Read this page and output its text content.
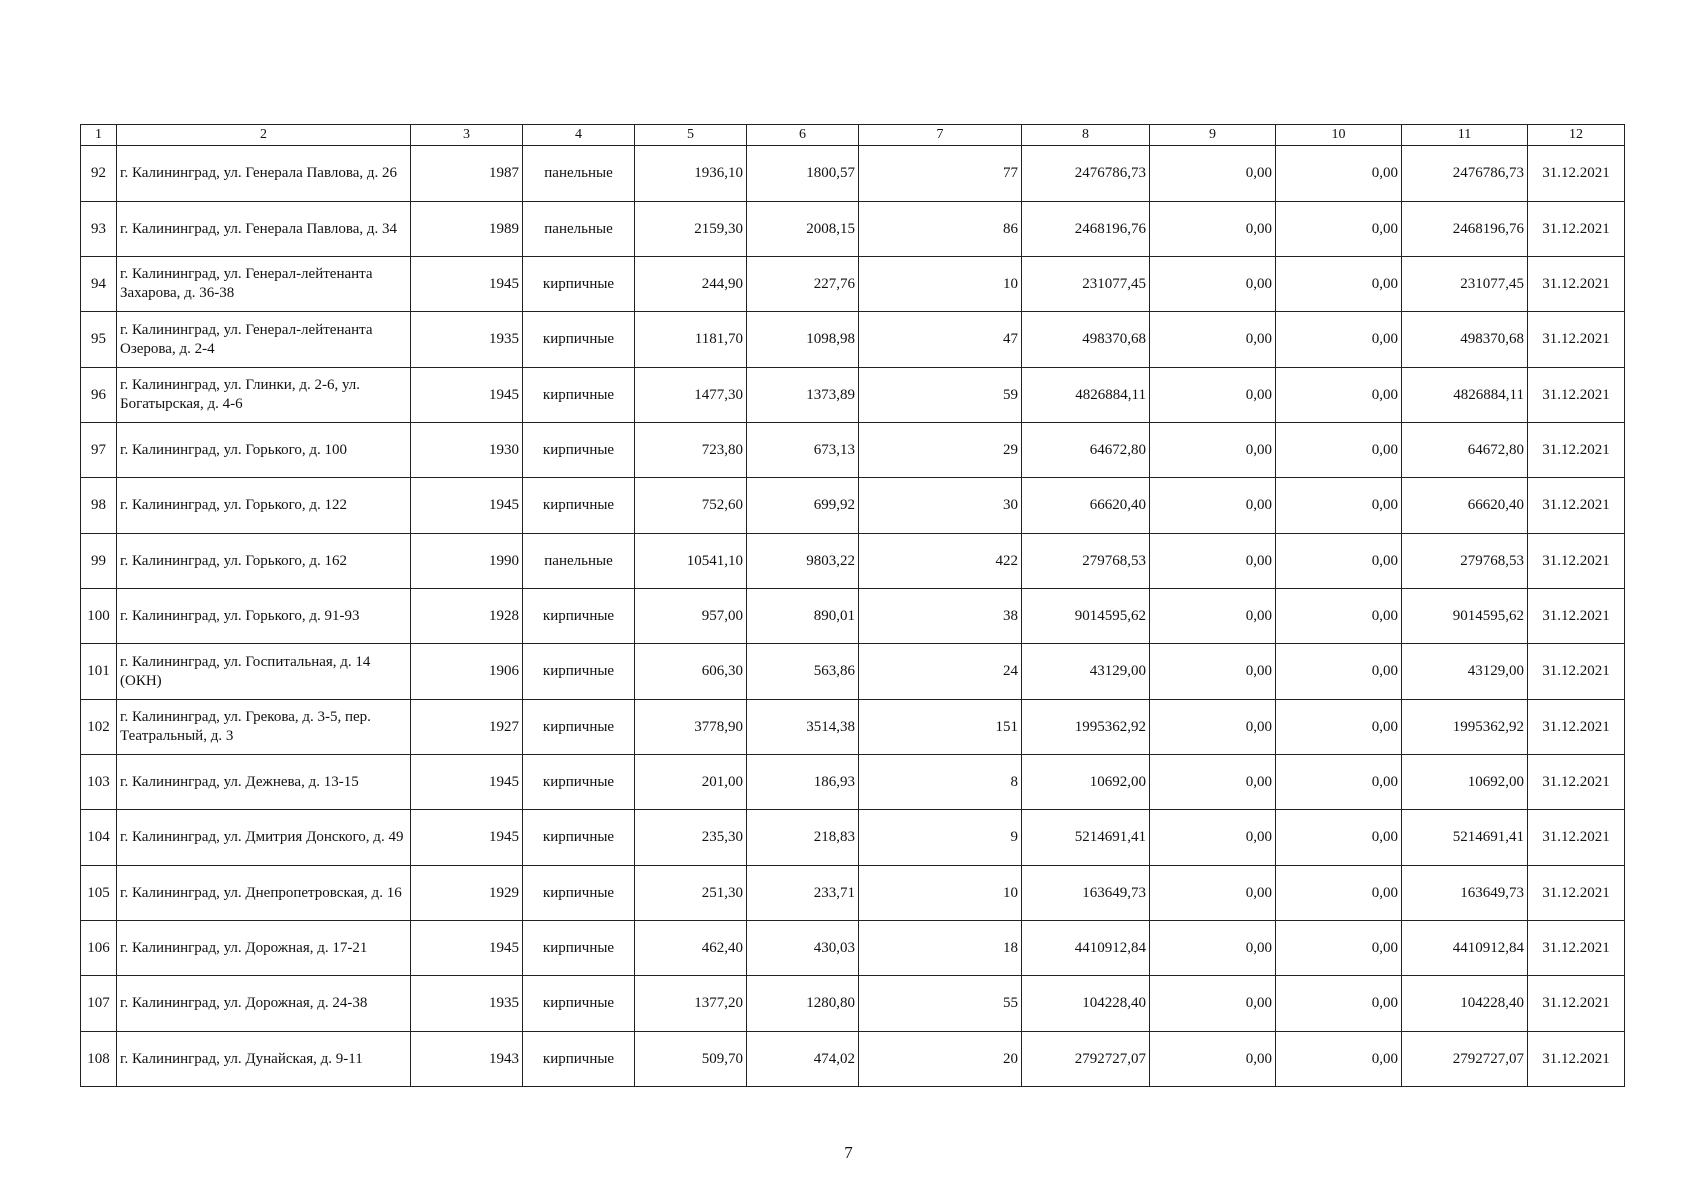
1	2	3	4	5	6	7	8	9	10	11	12
92	г. Калининград, ул. Генерала Павлова, д. 26	1987	панельные	1936,10	1800,57	77	2476786,73	0,00	0,00	2476786,73	31.12.2021
93	г. Калининград, ул. Генерала Павлова, д. 34	1989	панельные	2159,30	2008,15	86	2468196,76	0,00	0,00	2468196,76	31.12.2021
94	г. Калининград, ул. Генерал-лейтенанта Захарова, д. 36-38	1945	кирпичные	244,90	227,76	10	231077,45	0,00	0,00	231077,45	31.12.2021
95	г. Калининград, ул. Генерал-лейтенанта Озерова, д. 2-4	1935	кирпичные	1181,70	1098,98	47	498370,68	0,00	0,00	498370,68	31.12.2021
96	г. Калининград, ул. Глинки, д. 2-6, ул. Богатырская, д. 4-6	1945	кирпичные	1477,30	1373,89	59	4826884,11	0,00	0,00	4826884,11	31.12.2021
97	г. Калининград, ул. Горького, д. 100	1930	кирпичные	723,80	673,13	29	64672,80	0,00	0,00	64672,80	31.12.2021
98	г. Калининград, ул. Горького, д. 122	1945	кирпичные	752,60	699,92	30	66620,40	0,00	0,00	66620,40	31.12.2021
99	г. Калининград, ул. Горького, д. 162	1990	панельные	10541,10	9803,22	422	279768,53	0,00	0,00	279768,53	31.12.2021
100	г. Калининград, ул. Горького, д. 91-93	1928	кирпичные	957,00	890,01	38	9014595,62	0,00	0,00	9014595,62	31.12.2021
101	г. Калининград, ул. Госпитальная, д. 14 (ОКН)	1906	кирпичные	606,30	563,86	24	43129,00	0,00	0,00	43129,00	31.12.2021
102	г. Калининград, ул. Грекова, д. 3-5, пер. Театральный, д. 3	1927	кирпичные	3778,90	3514,38	151	1995362,92	0,00	0,00	1995362,92	31.12.2021
103	г. Калининград, ул. Дежнева, д. 13-15	1945	кирпичные	201,00	186,93	8	10692,00	0,00	0,00	10692,00	31.12.2021
104	г. Калининград, ул. Дмитрия Донского, д. 49	1945	кирпичные	235,30	218,83	9	5214691,41	0,00	0,00	5214691,41	31.12.2021
105	г. Калининград, ул. Днепропетровская, д. 16	1929	кирпичные	251,30	233,71	10	163649,73	0,00	0,00	163649,73	31.12.2021
106	г. Калининград, ул. Дорожная, д. 17-21	1945	кирпичные	462,40	430,03	18	4410912,84	0,00	0,00	4410912,84	31.12.2021
107	г. Калининград, ул. Дорожная, д. 24-38	1935	кирпичные	1377,20	1280,80	55	104228,40	0,00	0,00	104228,40	31.12.2021
108	г. Калининград, ул. Дунайская, д. 9-11	1943	кирпичные	509,70	474,02	20	2792727,07	0,00	0,00	2792727,07	31.12.2021
7
